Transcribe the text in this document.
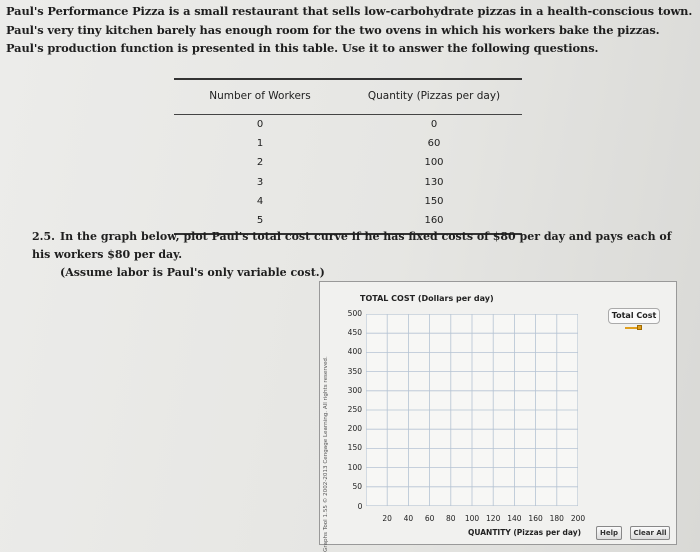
Paul's Performance Pizza is a small restaurant that sells low-carbohydrate pizzas in a health-conscious town. Paul's very tiny kitchen barely has enough room for the two ovens in which his workers bake the pizzas. Paul's production function is presented in this table. Use it to answer the following questions.
Number of Workers	Quantity (Pizzas per day)
0	0
1	60
2	100
3	130
4	150
5	160
2.5. In the graph below, plot Paul's total cost curve if he has fixed costs of $80 per day and pays each of his workers $80 per day.
(Assume labor is Paul's only variable cost.)
Graphs Tool 1.55 © 2002-2013 Cengage Learning. All rights reserved.
TOTAL COST (Dollars per day)
500
450
400
350
300
250
200
150
100
50
0
20 40 60 80 100 120 140 160 180 200
QUANTITY (Pizzas per day)
Total Cost
Help	Clear All
